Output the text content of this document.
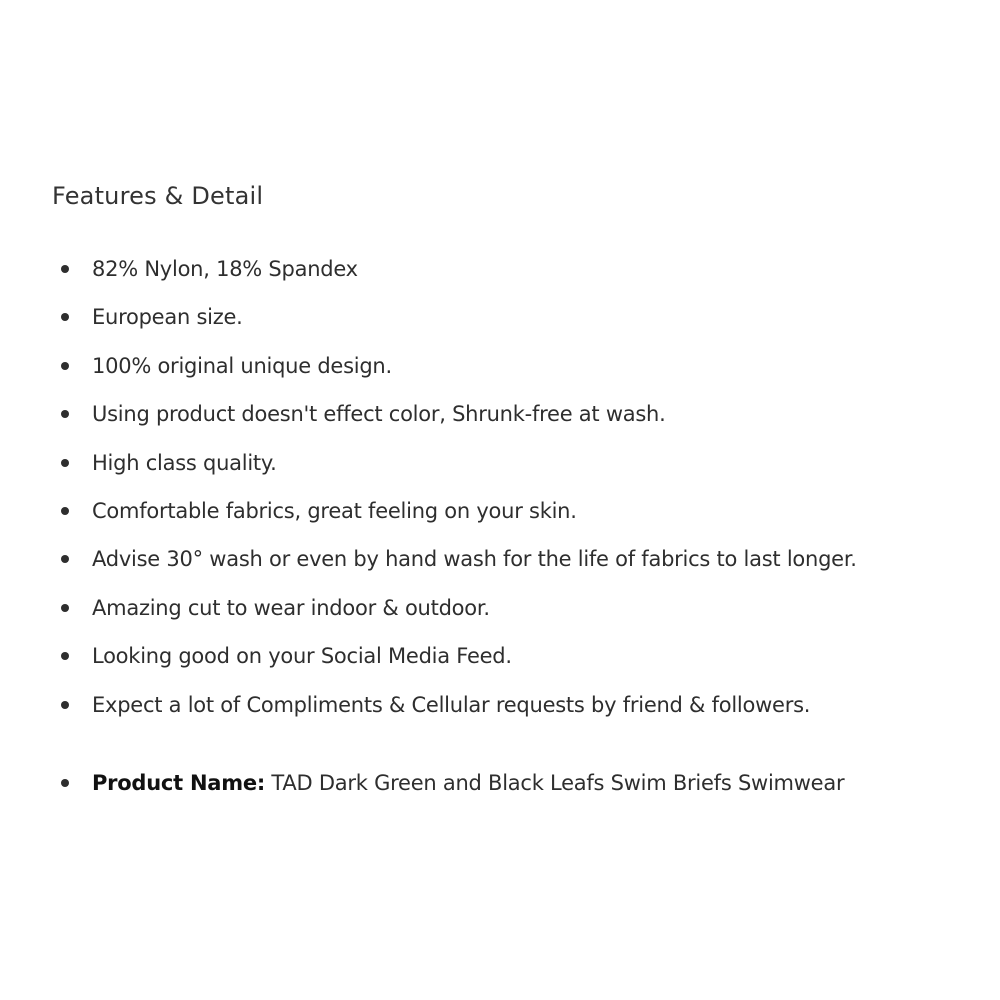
Features & Detail
82% Nylon, 18% Spandex
European size.
100% original unique design.
Using product doesn't effect color, Shrunk-free at wash.
High class quality.
Comfortable fabrics, great feeling on your skin.
Advise 30° wash or even by hand wash for the life of fabrics to last longer.
Amazing cut to wear indoor & outdoor.
Looking good on your Social Media Feed.
Expect a lot of Compliments & Cellular requests by friend & followers.
Product Name: TAD Dark Green and Black Leafs Swim Briefs Swimwear
